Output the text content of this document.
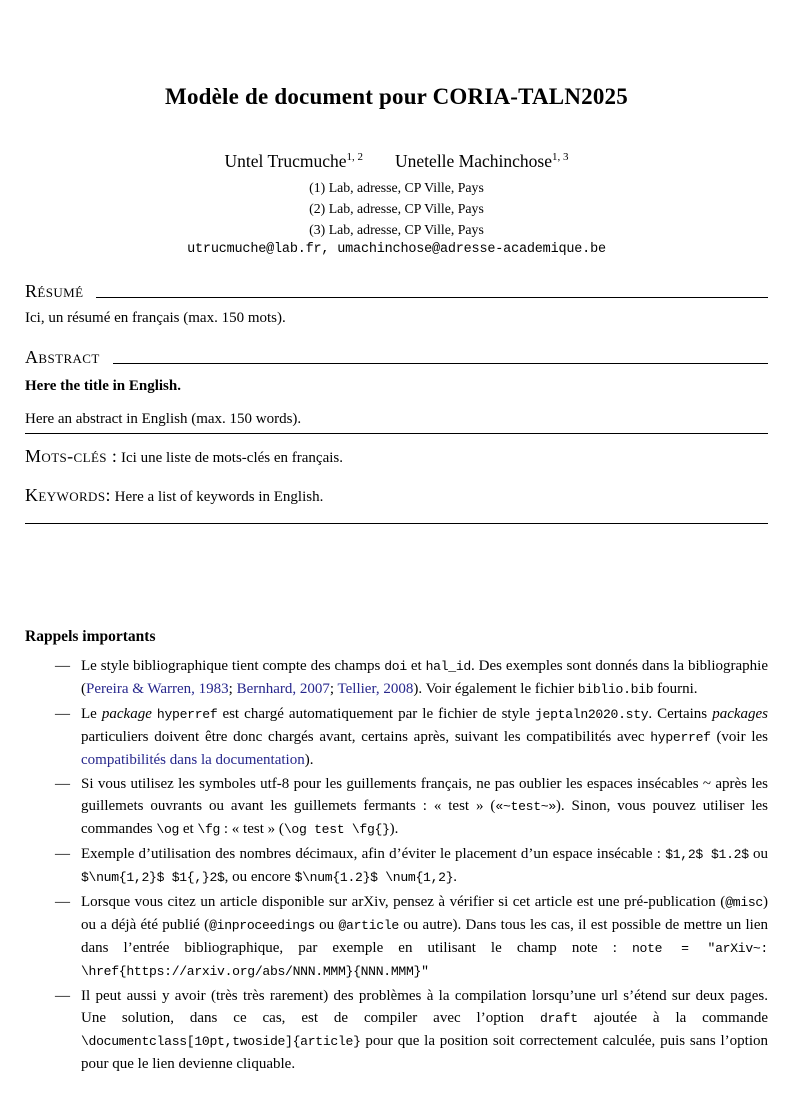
Modèle de document pour CORIA-TALN2025
Untel Trucmuche$^{1, 2}$ Unetelle Machinchose$^{1, 3}$
(1) Lab, adresse, CP Ville, Pays
(2) Lab, adresse, CP Ville, Pays
(3) Lab, adresse, CP Ville, Pays
utrucmuche@lab.fr, umachinchose@adresse-academique.be
Résumé

Ici, un résumé en français (max. 150 mots).

Abstract

Here the title in English.

Here an abstract in English (max. 150 words).

Mots-clés : Ici une liste de mots-clés en français.

Keywords: Here a list of keywords in English.

Rappels importants
— Le style bibliographique tient compte des champs doi et hal_id. Des exemples sont donnés dans la bibliographie (Pereira & Warren, 1983; Bernhard, 2007; Tellier, 2008). Voir également le fichier biblio.bib fourni.
— Le package hyperref est chargé automatiquement par le fichier de style jeptaln2020.sty. Certains packages particuliers doivent être donc chargés avant, certains après, suivant les compatibilités avec hyperref (voir les compatibilités dans la documentation).
— Si vous utilisez les symboles utf-8 pour les guillements français, ne pas oublier les espaces insécables ~ après les guillemets ouvrants ou avant les guillemets fermants : « test » («~test~»). Sinon, vous pouvez utiliser les commandes \og et \fg : « test » (\og test \fg{}).
— Exemple d’utilisation des nombres décimaux, afin d’éviter le placement d’un espace insécable : $1,2$ $1.2$ ou $\num{1,2}$ $1{,}2$, ou encore $\num{1.2}$ \num{1,2}.
— Lorsque vous citez un article disponible sur arXiv, pensez à vérifier si cet article est une pré-publication (@misc) ou a déjà été publié (@inproceedings ou @article ou autre). Dans tous les cas, il est possible de mettre un lien dans l’entrée bibliographique, par exemple en utilisant le champ note : note = "arXiv~: \href{https://arxiv.org/abs/NNN.MMM}{NNN.MMM}"
— Il peut aussi y avoir (très très rarement) des problèmes à la compilation lorsqu’une url s’étend sur deux pages. Une solution, dans ce cas, est de compiler avec l’option draft ajoutée à la commande \documentclass[10pt,twoside]{article} pour que la position soit correctement calculée, puis sans l’option pour que le lien devienne cliquable.
